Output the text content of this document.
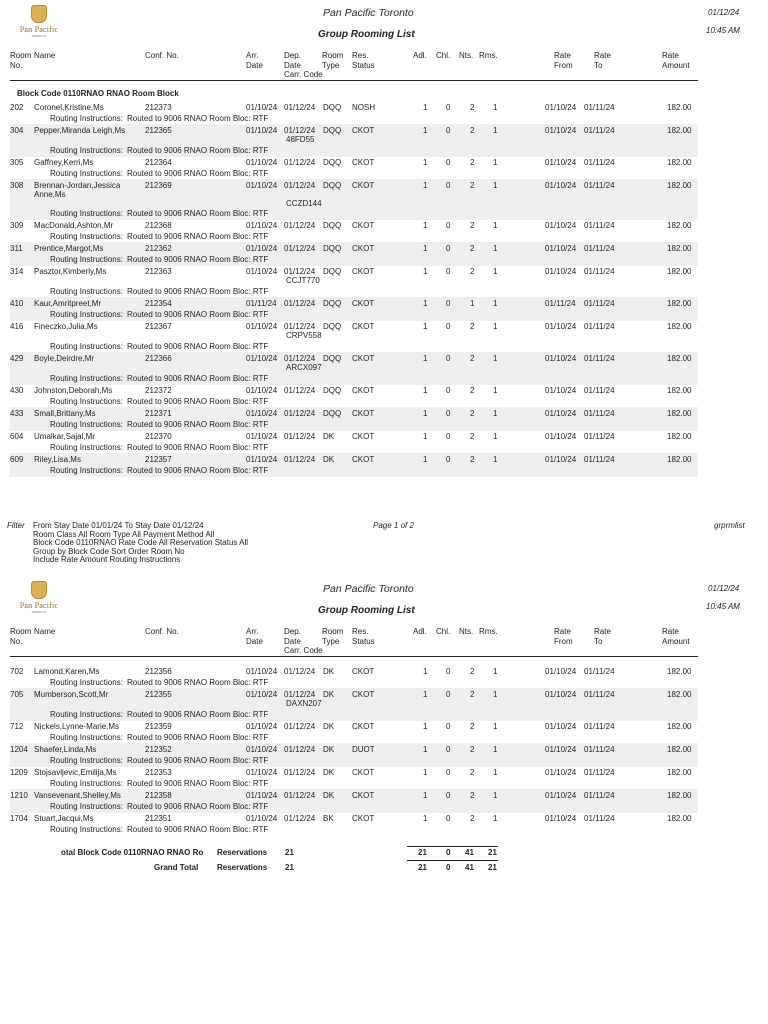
Pan Pacific
TORONTO
Pan Pacific Toronto
Group Rooming List
01/12/24
10:45 AM
Room
No.
Name	Conf. No.	Arr.
Date
Dep.
Date
Carr. Code
Room
Type
Res.
Status
Adl. Chl. Nts. Rms.	Rate
From
Rate
To
Rate
Amount
Block Code 0110RNAO RNAO Room Block
202 Coronel,Kristine,Ms	212373	01/10/24 01/12/24 DQQ NOSH	1 0 2 1	01/10/24 01/11/24	182.00
Routing Instructions: Routed to 9006 RNAO Room Bloc: RTF
304 Pepper,Miranda Leigh,Ms 212365	01/10/24 01/12/24 DQQ CKOT	1 0 2 1	01/10/24 01/11/24	182.00
48FD55
Routing Instructions: Routed to 9006 RNAO Room Bloc: RTF
305 Gaffney,Kerri,Ms	212364	01/10/24 01/12/24 DQQ CKOT	1 0 2 1	01/10/24 01/11/24	182.00
Routing Instructions: Routed to 9006 RNAO Room Bloc: RTF
308 Brennan-Jordan,Jessica	212369	01/10/24 01/12/24 DQQ CKOT	1 0 2 1	01/10/24 01/11/24	182.00
Anne,Ms
CCZD144
Routing Instructions: Routed to 9006 RNAO Room Bloc: RTF
309 MacDonald,Ashton,Mr	212368	01/10/24 01/12/24 DQQ CKOT	1 0 2 1	01/10/24 01/11/24	182.00
Routing Instructions: Routed to 9006 RNAO Room Bloc: RTF
311 Prentice,Margot,Ms	212362	01/10/24 01/12/24 DQQ CKOT	1 0 2 1	01/10/24 01/11/24	182.00
Routing Instructions: Routed to 9006 RNAO Room Bloc: RTF
314 Pasztor,Kimberly,Ms	212363	01/10/24 01/12/24 DQQ CKOT	1 0 2 1	01/10/24 01/11/24	182.00
CCJT770
Routing Instructions: Routed to 9006 RNAO Room Bloc: RTF
410 Kaur,Amritpreet,Mr	212354	01/11/24 01/12/24 DQQ CKOT	1 0 1 1	01/11/24 01/11/24	182.00
Routing Instructions: Routed to 9006 RNAO Room Bloc: RTF
416 Fineczko,Julia,Ms	212367	01/10/24 01/12/24 DQQ CKOT	1 0 2 1	01/10/24 01/11/24	182.00
CRPV558
Routing Instructions: Routed to 9006 RNAO Room Bloc: RTF
429 Boyle,Deirdre,Mr	212366	01/10/24 01/12/24 DQQ CKOT	1 0 2 1	01/10/24 01/11/24	182.00
ARCX097
Routing Instructions: Routed to 9006 RNAO Room Bloc: RTF
430 Johnston,Deborah,Ms	212372	01/10/24 01/12/24 DQQ CKOT	1 0 2 1	01/10/24 01/11/24	182.00
Routing Instructions: Routed to 9006 RNAO Room Bloc: RTF
433 Small,Brittany,Ms	212371	01/10/24 01/12/24 DQQ CKOT	1 0 2 1	01/10/24 01/11/24	182.00
Routing Instructions: Routed to 9006 RNAO Room Bloc: RTF
604 Umalkar,Sajal,Mr	212370	01/10/24 01/12/24 DK CKOT	1 0 2 1	01/10/24 01/11/24	182.00
Routing Instructions: Routed to 9006 RNAO Room Bloc: RTF
609 Riley,Lisa,Ms	212357	01/10/24 01/12/24 DK CKOT	1 0 2 1	01/10/24 01/11/24	182.00
Routing Instructions: Routed to 9006 RNAO Room Bloc: RTF
Filter From Stay Date 01/01/24 To Stay Date 01/12/24
Room Class All Room Type All Payment Method All
Block Code 0110RNAO Rate Code All Reservation Status All
Group by Block Code Sort Order Room No
Include Rate Amount Routing Instructions
Page 1 of 2	grprmlist
Pan Pacific
TORONTO
Pan Pacific Toronto
Group Rooming List
01/12/24
10:45 AM
Room
No.
Name	Conf. No.	Arr.
Date
Dep.
Date
Carr. Code
Room
Type
Res.
Status
Adl. Chl. Nts. Rms.	Rate
From
Rate
To
Rate
Amount
702 Lamond,Karen,Ms	212356	01/10/24 01/12/24 DK CKOT	1 0 2 1	01/10/24 01/11/24	182.00
Routing Instructions: Routed to 9006 RNAO Room Bloc: RTF
705 Mumberson,Scott,Mr	212355	01/10/24 01/12/24 DK CKOT	1 0 2 1	01/10/24 01/11/24	182.00
DAXN207
Routing Instructions: Routed to 9006 RNAO Room Bloc: RTF
712 Nickels,Lynne-Marie,Ms	212359	01/10/24 01/12/24 DK CKOT	1 0 2 1	01/10/24 01/11/24	182.00
Routing Instructions: Routed to 9006 RNAO Room Bloc: RTF
1204 Shaefer,Linda,Ms	212352	01/10/24 01/12/24 DK DUOT	1 0 2 1	01/10/24 01/11/24	182.00
Routing Instructions: Routed to 9006 RNAO Room Bloc: RTF
1209 Stojsavljevic,Emilija,Ms	212353	01/10/24 01/12/24 DK CKOT	1 0 2 1	01/10/24 01/11/24	182.00
Routing Instructions: Routed to 9006 RNAO Room Bloc: RTF
1210 Vansevenant,Shelley,Ms	212358	01/10/24 01/12/24 DK CKOT	1 0 2 1	01/10/24 01/11/24	182.00
Routing Instructions: Routed to 9006 RNAO Room Bloc: RTF
1704 Stuart,Jacqui,Ms	212351	01/10/24 01/12/24 BK CKOT	1 0 2 1	01/10/24 01/11/24	182.00
Routing Instructions: Routed to 9006 RNAO Room Bloc: RTF
otal Block Code 0110RNAO RNAO Ro Reservations 21	21 0 41 21
Grand Total Reservations 21	21 0 41 21
